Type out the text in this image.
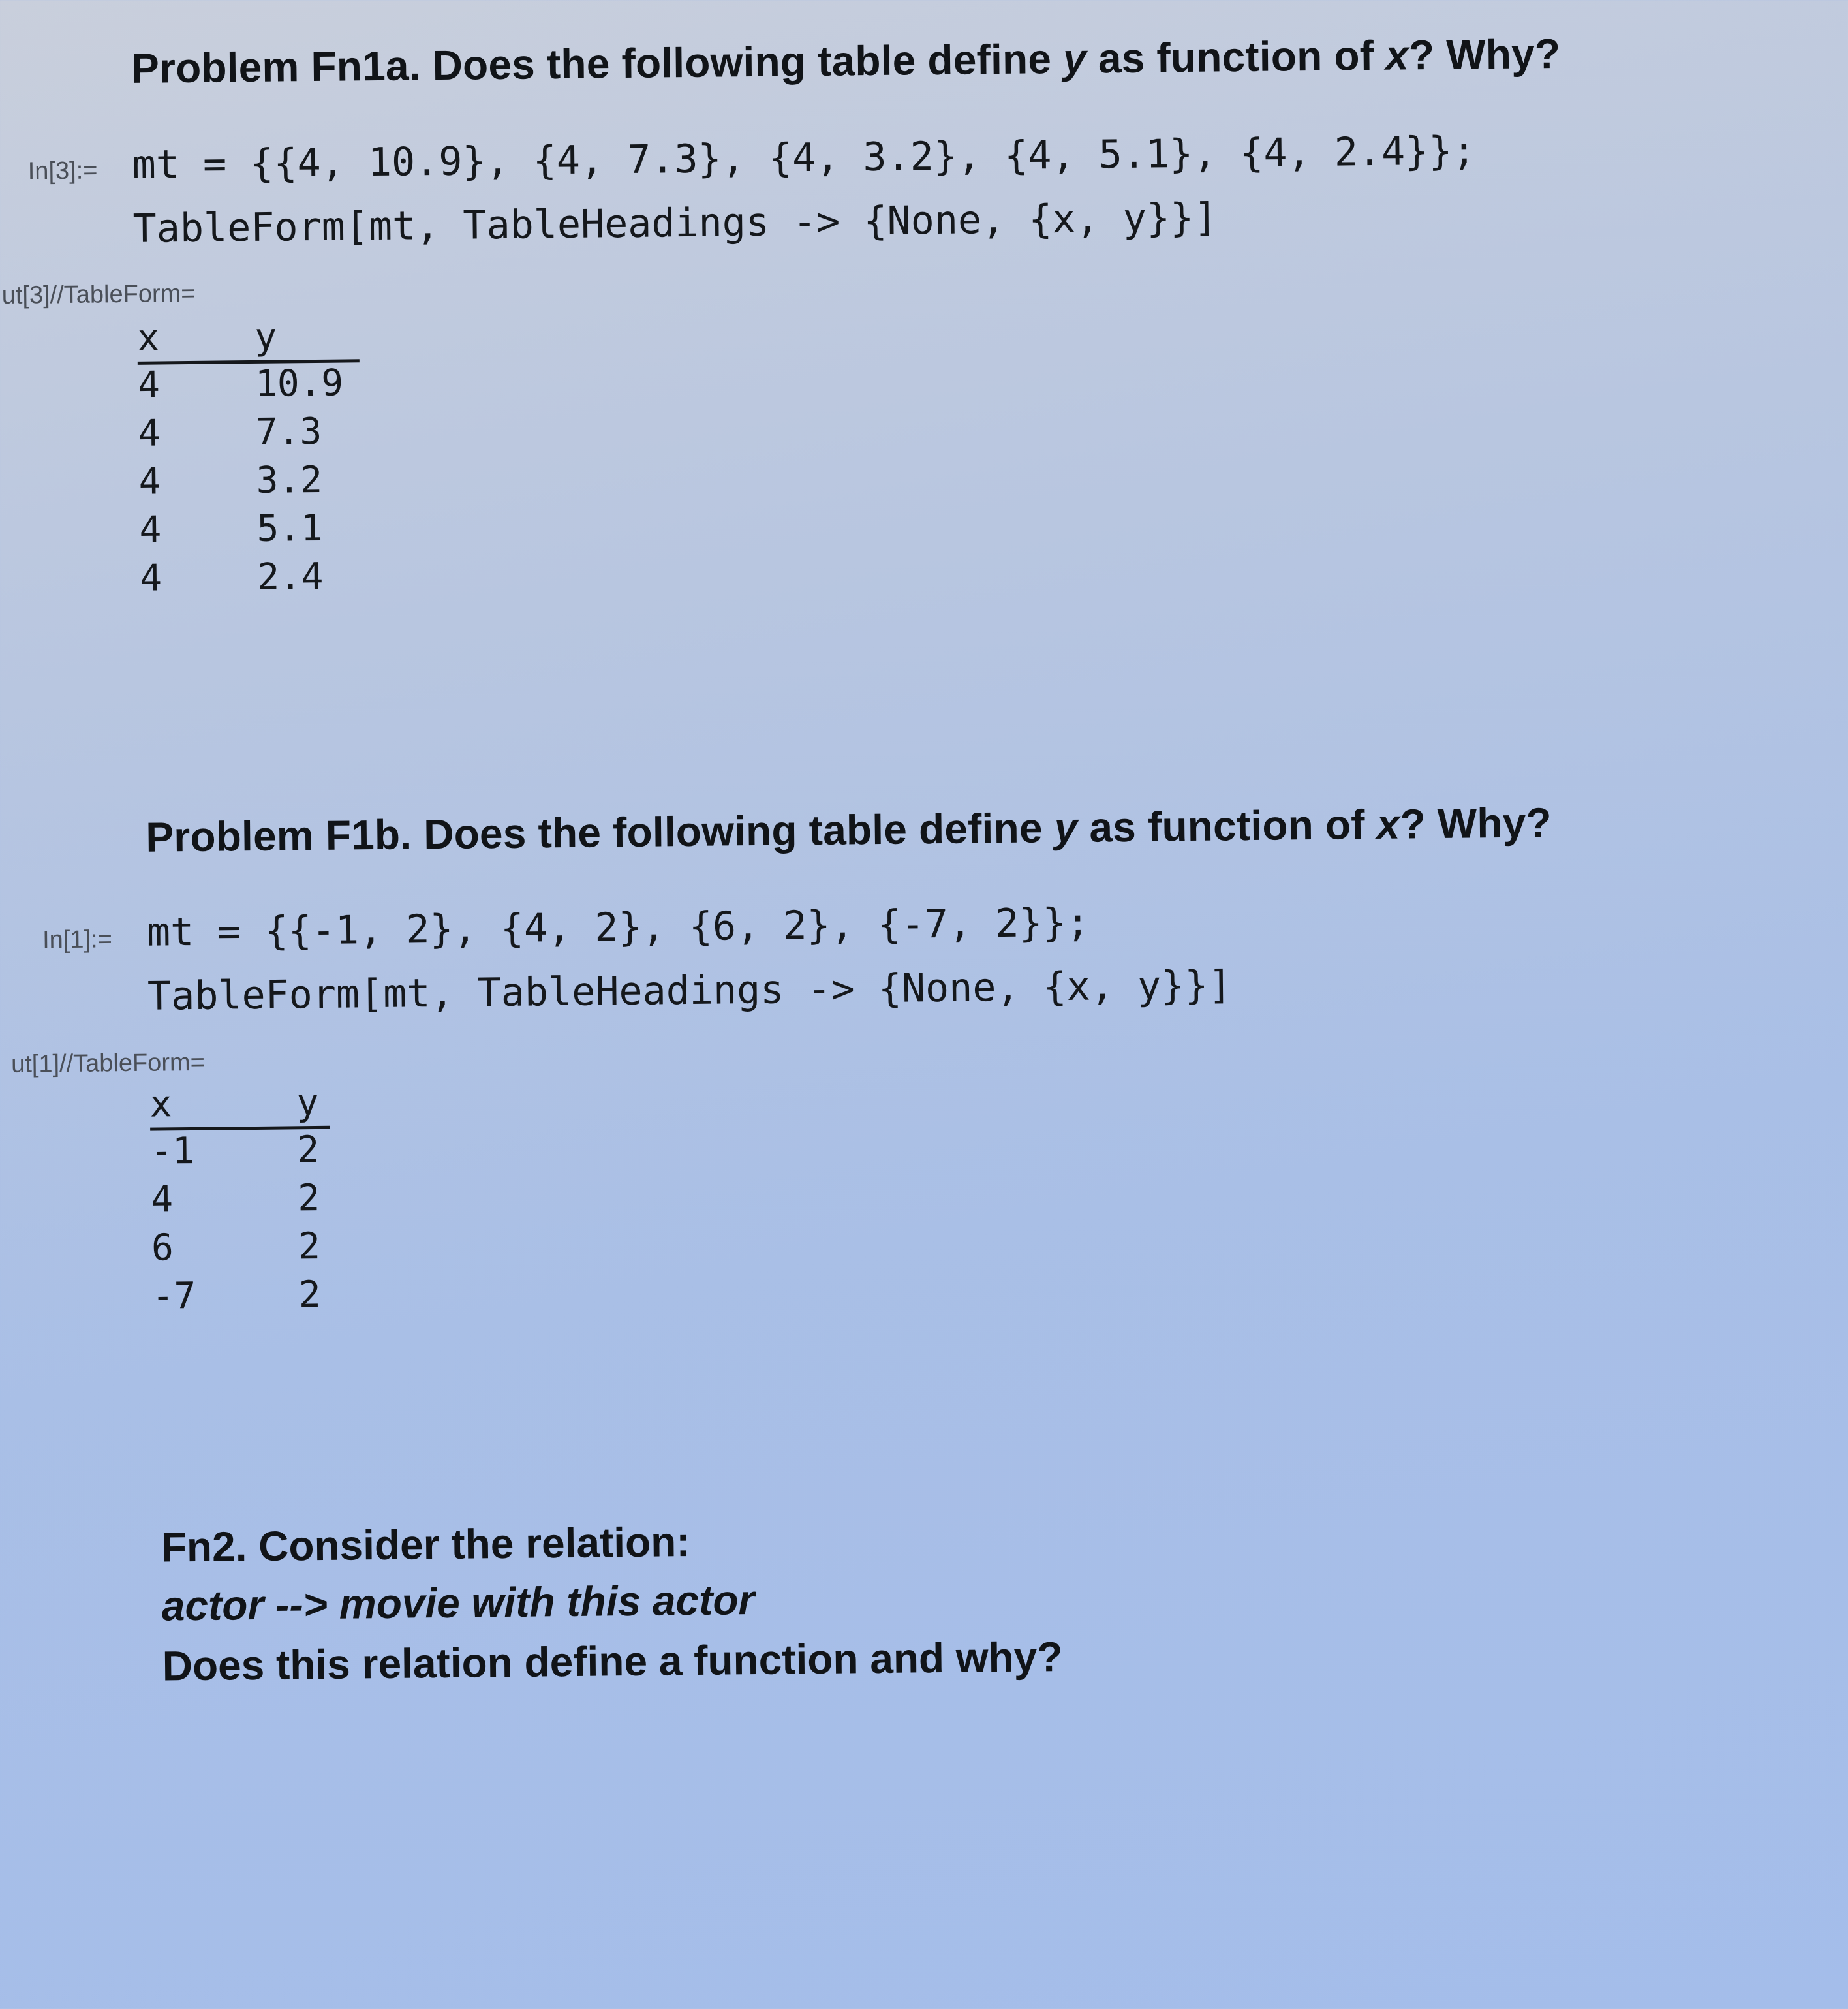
Problem Fn1a. Does the following table define y as function of x? Why?
In[3]:= mt = {{4, 10.9}, {4, 7.3}, {4, 3.2}, {4, 5.1}, {4, 2.4}};
TableForm[mt, TableHeadings -> {None, {x, y}}]
ut[3]//TableForm=
x	y
4	10.9
4	7.3
4	3.2
4	5.1
4	2.4
Problem F1b. Does the following table define y as function of x? Why?
In[1]:= mt = {{-1, 2}, {4, 2}, {6, 2}, {-7, 2}};
TableForm[mt, TableHeadings -> {None, {x, y}}]
ut[1]//TableForm=
x	y
-1	2
4	2
6	2
-7	2
Fn2. Consider the relation:
actor --> movie with this actor
Does this relation define a function and why?
